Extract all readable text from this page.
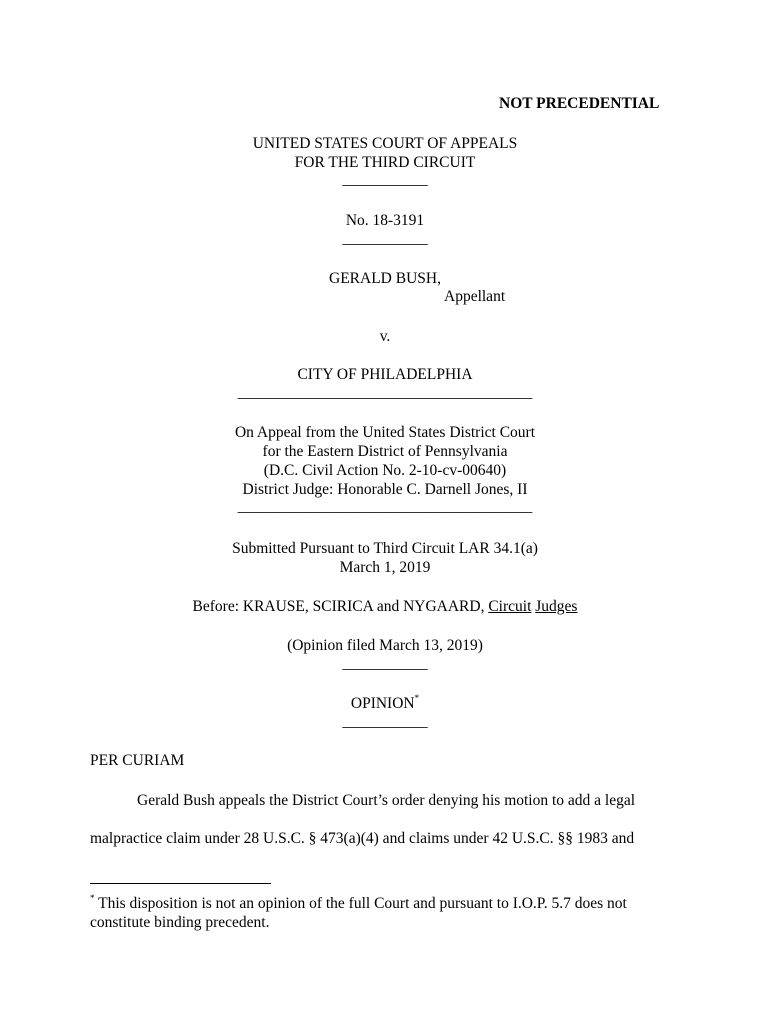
NOT PRECEDENTIAL
UNITED STATES COURT OF APPEALS
FOR THE THIRD CIRCUIT
___________
No. 18-3191
___________
GERALD BUSH,
Appellant
v.
CITY OF PHILADELPHIA
______________________________________
On Appeal from the United States District Court
for the Eastern District of Pennsylvania
(D.C. Civil Action No. 2-10-cv-00640)
District Judge: Honorable C. Darnell Jones, II
______________________________________
Submitted Pursuant to Third Circuit LAR 34.1(a)
March 1, 2019
Before: KRAUSE, SCIRICA and NYGAARD, Circuit Judges
(Opinion filed March 13, 2019)
___________
OPINION*
___________
PER CURIAM
Gerald Bush appeals the District Court’s order denying his motion to add a legal
malpractice claim under 28 U.S.C. § 473(a)(4) and claims under 42 U.S.C. §§ 1983 and
* This disposition is not an opinion of the full Court and pursuant to I.O.P. 5.7 does not
constitute binding precedent.
